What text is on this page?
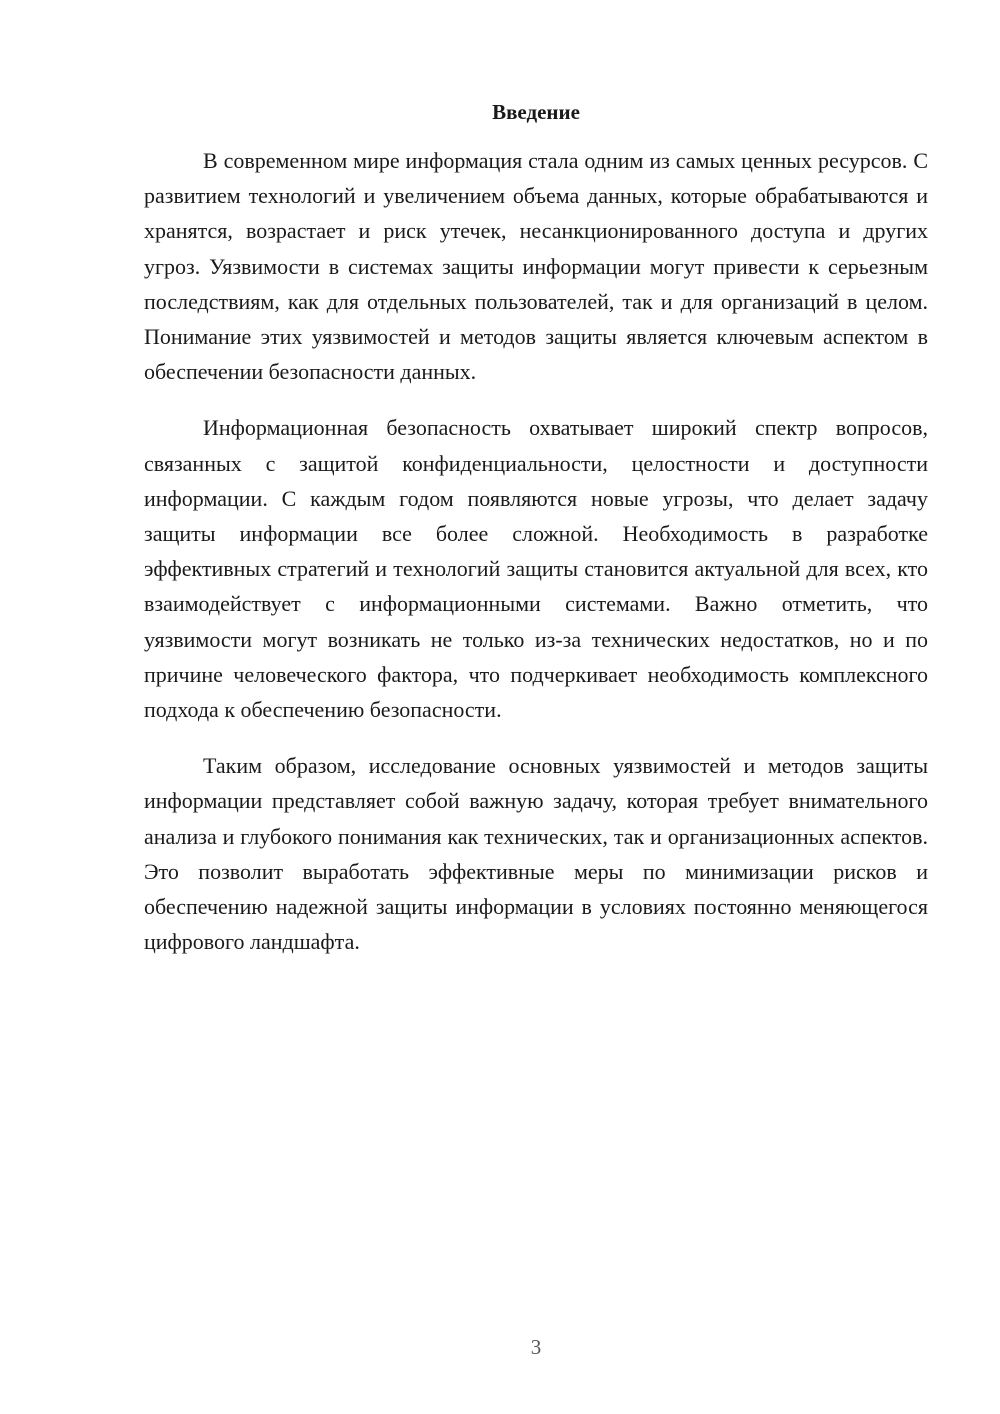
Введение

В современном мире информация стала одним из самых ценных ресурсов. С развитием технологий и увеличением объема данных, которые обрабатываются и хранятся, возрастает и риск утечек, несанкционированного доступа и других угроз. Уязвимости в системах защиты информации могут привести к серьезным последствиям, как для отдельных пользователей, так и для организаций в целом. Понимание этих уязвимостей и методов защиты является ключевым аспектом в обеспечении безопасности данных.

Информационная безопасность охватывает широкий спектр вопросов, связанных с защитой конфиденциальности, целостности и доступности информации. С каждым годом появляются новые угрозы, что делает задачу защиты информации все более сложной. Необходимость в разработке эффективных стратегий и технологий защиты становится актуальной для всех, кто взаимодействует с информационными системами. Важно отметить, что уязвимости могут возникать не только из-за технических недостатков, но и по причине человеческого фактора, что подчеркивает необходимость комплексного подхода к обеспечению безопасности.

Таким образом, исследование основных уязвимостей и методов защиты информации представляет собой важную задачу, которая требует внимательного анализа и глубокого понимания как технических, так и организационных аспектов. Это позволит выработать эффективные меры по минимизации рисков и обеспечению надежной защиты информации в условиях постоянно меняющегося цифрового ландшафта.

3
